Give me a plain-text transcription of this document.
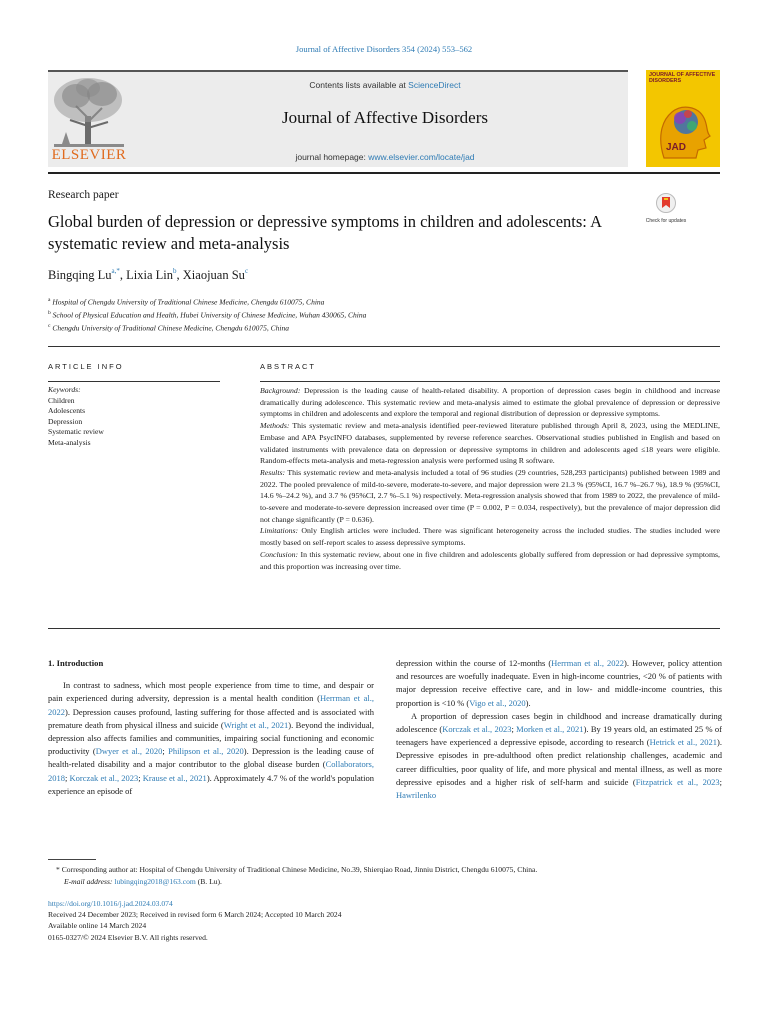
Journal of Affective Disorders 354 (2024) 553–562
ELSEVIER
Contents lists available at ScienceDirect
Journal of Affective Disorders
journal homepage: www.elsevier.com/locate/jad
JOURNAL OF AFFECTIVE DISORDERS
JAD
Research paper
Global burden of depression or depressive symptoms in children and adolescents: A systematic review and meta-analysis
Check for updates
Bingqing $Lu^{a,*}$, Lixia Lin$^b$, Xiaojuan Su$^c$
$^a$ Hospital of Chengdu University of Traditional Chinese Medicine, Chengdu 610075, China
$^b$ School of Physical Education and Health, Hubei University of Chinese Medicine, Wuhan 430065, China
$^c$ Chengdu University of Traditional Chinese Medicine, Chengdu 610075, China
ARTICLE INFO
Keywords:
Children
Adolescents
Depression
Systematic review
Meta-analysis
ABSTRACT

Background: Depression is the leading cause of health-related disability. A proportion of depression cases begin in childhood and increase dramatically during adolescence. This systematic review and meta-analysis aimed to estimate the global prevalence of depression or depressive symptoms in children and adolescents and explore the temporal and regional distribution of depression or depressive symptoms.

Methods: This systematic review and meta-analysis identified peer-reviewed literature published through April 8, 2023, using the MEDLINE, Embase and APA PsycINFO databases, supplemented by reverse reference searches. Observational studies published in English and based on validated instruments with prevalence data on depression or depressive symptoms in children and adolescents aged ≤18 years were eligible. Random-effects meta-analysis and meta-regression analysis were performed using R software.

Results: This systematic review and meta-analysis included a total of 96 studies (29 countries, 528,293 participants) published between 1989 and 2022. The pooled prevalence of mild-to-severe, moderate-to-severe, and major depression were 21.3 % (95%CI, 16.7 %–26.7 %), 18.9 % (95%CI, 14.6 %–24.2 %), and 3.7 % (95%CI, 2.7 %–5.1 %) respectively. Meta-regression analysis showed that from 1989 to 2022, the prevalence of mild-to-severe and moderate-to-severe depression increased over time (P = 0.002, P = 0.034, respectively), but the prevalence of major depression did not change significantly (P = 0.636).

Limitations: Only English articles were included. There was significant heterogeneity across the included studies. The studies included were mostly based on self-report scales to assess depressive symptoms.

Conclusion: In this systematic review, about one in five children and adolescents globally suffered from depression or had depressive symptoms, and this proportion was increasing over time.

1. Introduction

In contrast to sadness, which most people experience from time to time, and despair or pain experienced during adversity, depression is a mental health condition (Herrman et al., 2022). Depression causes profound, lasting suffering for those affected and is associated with premature death from physical illness and suicide (Wright et al., 2021). Beyond the individual, depression also affects families and communities, impairing social functioning and economic productivity (Dwyer et al., 2020; Philipson et al., 2020). Depression is the leading cause of health-related disability and a major contributor to the global disease burden (Collaborators, 2018; Korczak et al., 2023; Krause et al., 2021). Approximately 4.7 % of the world's population experience an episode of

depression within the course of 12-months (Herrman et al., 2022). However, policy attention and resources are woefully inadequate. Even in high-income countries, <20 % of patients with major depression receive effective care, and in low- and middle-income countries, this proportion is <10 % (Vigo et al., 2020).

A proportion of depression cases begin in childhood and increase dramatically during adolescence (Korczak et al., 2023; Morken et al., 2021). By 19 years old, an estimated 25 % of teenagers have experienced a depressive episode, according to research (Hetrick et al., 2021). Depressive episodes in pre-adulthood often predict relationship challenges, academic and career difficulties, poor quality of life, and more physical and mental illness, as well as more depressive episodes and a higher risk of self-harm and suicide (Fitzpatrick et al., 2023; Hawrilenko

* Corresponding author at: Hospital of Chengdu University of Traditional Chinese Medicine, No.39, Shierqiao Road, Jinniu District, Chengdu 610075, China.
E-mail address: lubingqing2018@163.com (B. Lu).
https://doi.org/10.1016/j.jad.2024.03.074
Received 24 December 2023; Received in revised form 6 March 2024; Accepted 10 March 2024
Available online 14 March 2024
0165-0327/© 2024 Elsevier B.V. All rights reserved.
